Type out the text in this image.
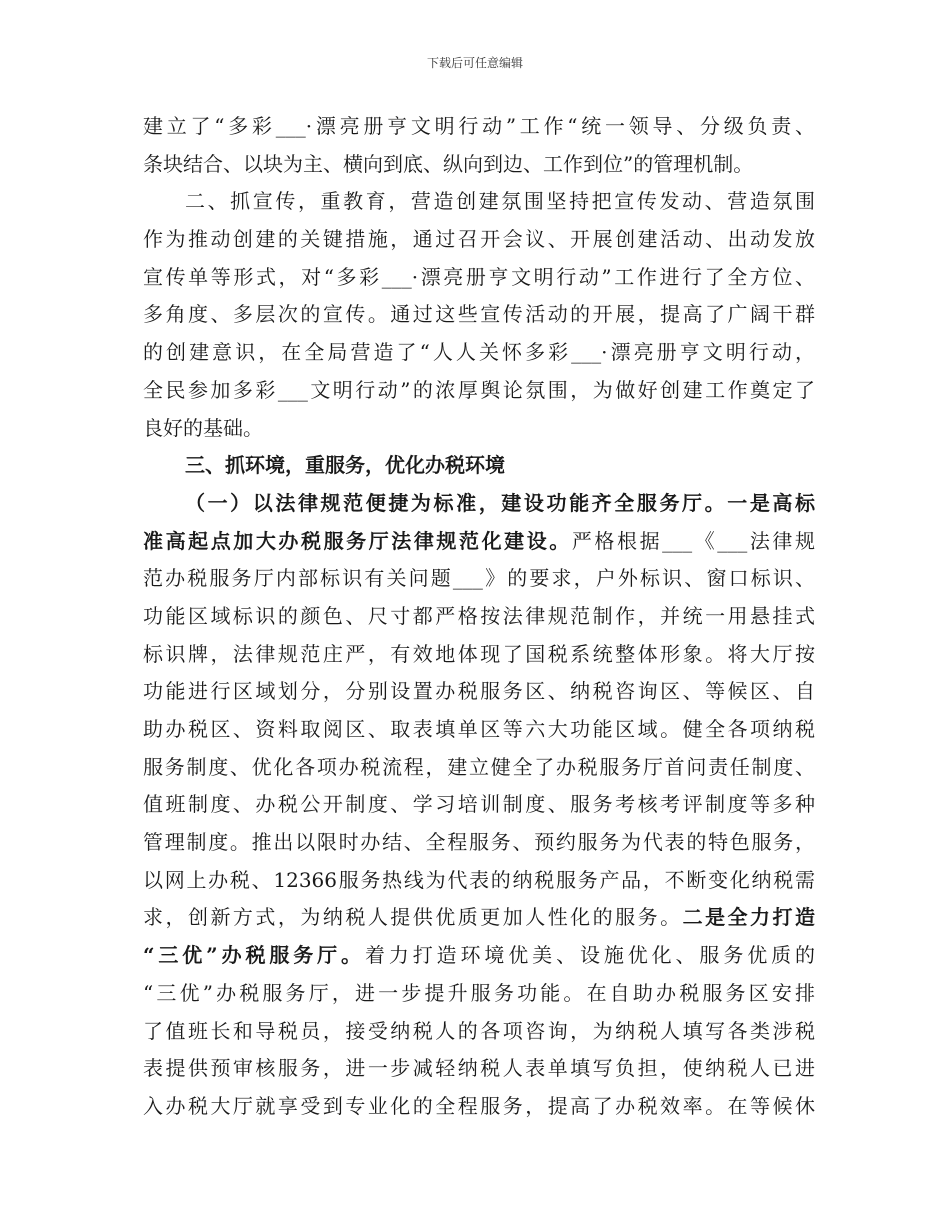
下载后可任意编辑
建立了“多彩___·漂亮册亨文明行动”工作“统一领导、分级负责、
条块结合、以块为主、横向到底、纵向到边、工作到位”的管理机制。
二、抓宣传，重教育，营造创建氛围坚持把宣传发动、营造氛围
作为推动创建的关键措施，通过召开会议、开展创建活动、出动发放
宣传单等形式，对“多彩___·漂亮册亨文明行动”工作进行了全方位、
多角度、多层次的宣传。通过这些宣传活动的开展，提高了广阔干群
的创建意识，在全局营造了“人人关怀多彩___·漂亮册亨文明行动，
全民参加多彩___文明行动”的浓厚舆论氛围，为做好创建工作奠定了
良好的基础。
三、抓环境，重服务，优化办税环境
（一）以法律规范便捷为标准，建设功能齐全服务厅。一是高标
准高起点加大办税服务厅法律规范化建设。严格根据___《___法律规
范办税服务厅内部标识有关问题___》的要求，户外标识、窗口标识、
功能区域标识的颜色、尺寸都严格按法律规范制作，并统一用悬挂式
标识牌，法律规范庄严，有效地体现了国税系统整体形象。将大厅按
功能进行区域划分，分别设置办税服务区、纳税咨询区、等候区、自
助办税区、资料取阅区、取表填单区等六大功能区域。健全各项纳税
服务制度、优化各项办税流程，建立健全了办税服务厅首问责任制度、
值班制度、办税公开制度、学习培训制度、服务考核考评制度等多种
管理制度。推出以限时办结、全程服务、预约服务为代表的特色服务，
以网上办税、12366服务热线为代表的纳税服务产品，不断变化纳税需
求，创新方式，为纳税人提供优质更加人性化的服务。二是全力打造
“三优”办税服务厅。着力打造环境优美、设施优化、服务优质的
“三优”办税服务厅，进一步提升服务功能。在自助办税服务区安排
了值班长和导税员，接受纳税人的各项咨询，为纳税人填写各类涉税
表提供预审核服务，进一步减轻纳税人表单填写负担，使纳税人已进
入办税大厅就享受到专业化的全程服务，提高了办税效率。在等候休
